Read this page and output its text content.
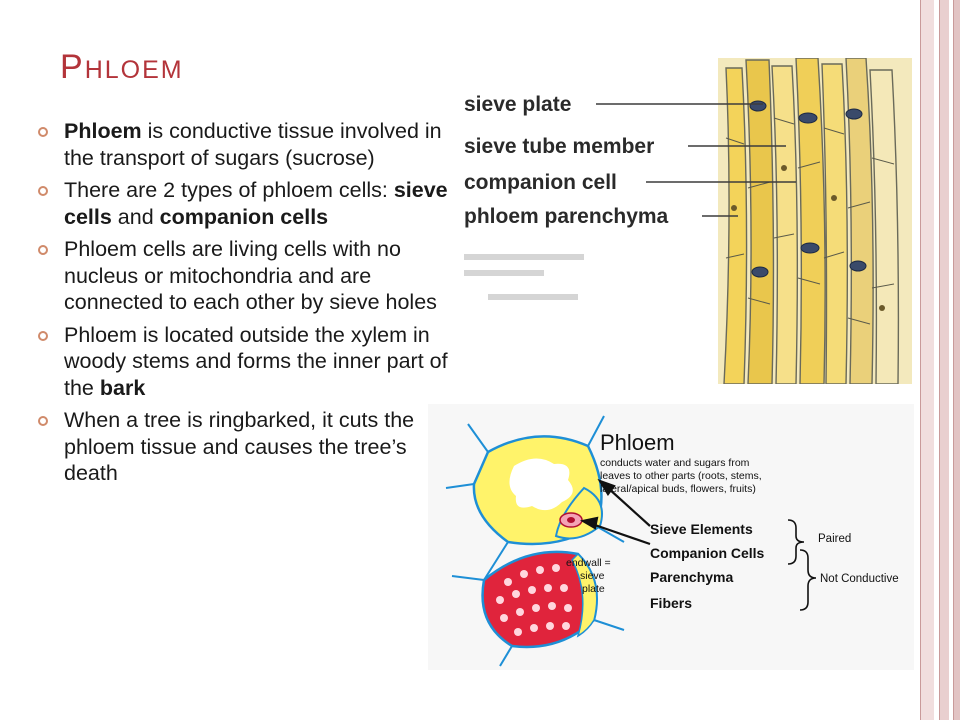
PHLOEM
Phloem is conductive tissue involved in the transport of sugars (sucrose)
There are 2 types of phloem cells: sieve cells and companion cells
Phloem cells are living cells with no nucleus or mitochondria and are connected to each other by sieve holes
Phloem is located outside the xylem in woody stems and forms the inner part of the bark
When a tree is ringbarked, it cuts the phloem tissue and causes the tree’s death
sieve plate
sieve tube member
companion cell
phloem parenchyma
Phloem
conducts water and sugars from
leaves to other parts (roots, stems,
lateral/apical buds, flowers, fruits)
endwall =
sieve
plate
Sieve Elements
Companion Cells
Parenchyma
Fibers
Paired
Not Conductive
